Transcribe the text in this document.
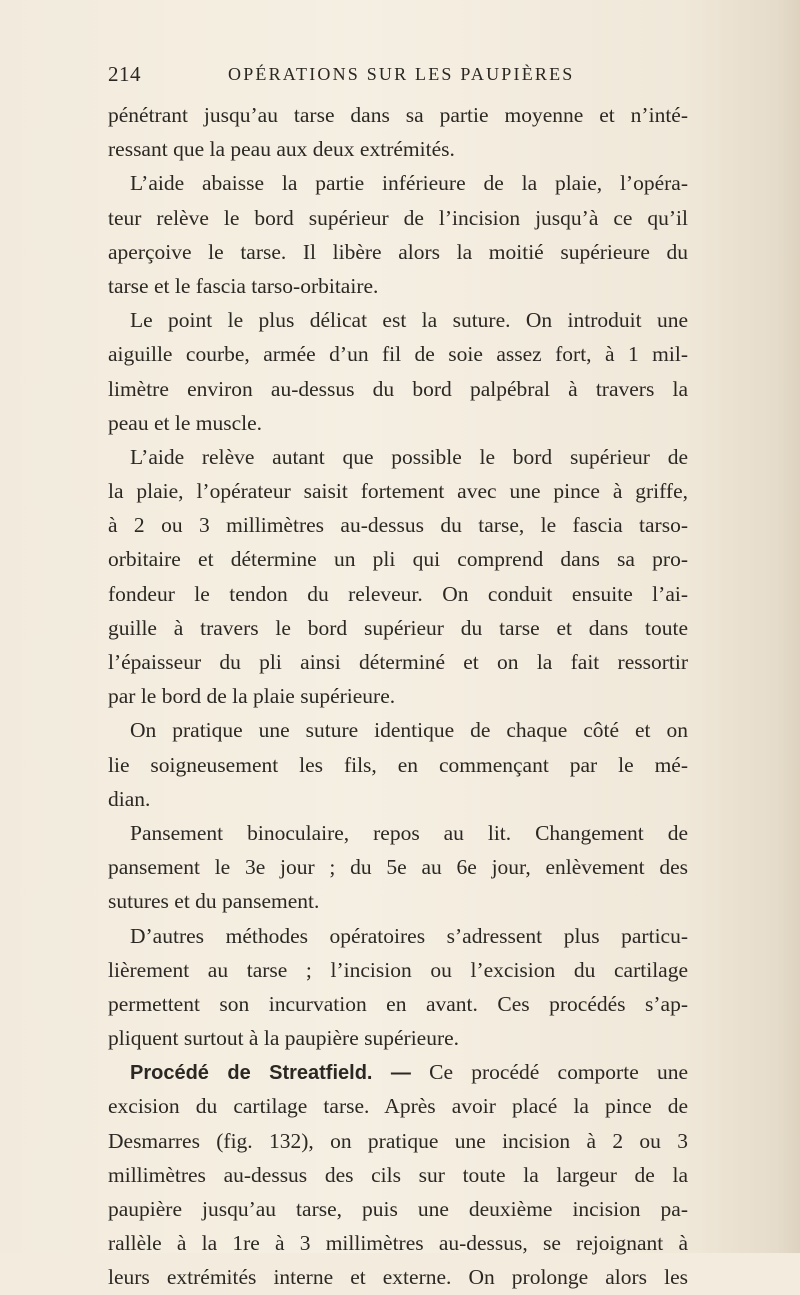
214	OPÉRATIONS SUR LES PAUPIÈRES
pénétrant jusqu’au tarse dans sa partie moyenne et n’inté-
ressant que la peau aux deux extrémités.
L’aide abaisse la partie inférieure de la plaie, l’opéra-
teur relève le bord supérieur de l’incision jusqu’à ce qu’il
aperçoive le tarse. Il libère alors la moitié supérieure du
tarse et le fascia tarso-orbitaire.
Le point le plus délicat est la suture. On introduit une
aiguille courbe, armée d’un fil de soie assez fort, à 1 mil-
limètre environ au-dessus du bord palpébral à travers la
peau et le muscle.
L’aide relève autant que possible le bord supérieur de
la plaie, l’opérateur saisit fortement avec une pince à griffe,
à 2 ou 3 millimètres au-dessus du tarse, le fascia tarso-
orbitaire et détermine un pli qui comprend dans sa pro-
fondeur le tendon du releveur. On conduit ensuite l’ai-
guille à travers le bord supérieur du tarse et dans toute
l’épaisseur du pli ainsi déterminé et on la fait ressortir
par le bord de la plaie supérieure.
On pratique une suture identique de chaque côté et on
lie soigneusement les fils, en commençant par le mé-
dian.
Pansement binoculaire, repos au lit. Changement de
pansement le 3e jour ; du 5e au 6e jour, enlèvement des
sutures et du pansement.
D’autres méthodes opératoires s’adressent plus particu-
lièrement au tarse ; l’incision ou l’excision du cartilage
permettent son incurvation en avant. Ces procédés s’ap-
pliquent surtout à la paupière supérieure.
Procédé de Streatfield. — Ce procédé comporte une
excision du cartilage tarse. Après avoir placé la pince de
Desmarres (fig. 132), on pratique une incision à 2 ou 3
millimètres au-dessus des cils sur toute la largeur de la
paupière jusqu’au tarse, puis une deuxième incision pa-
rallèle à la 1re à 3 millimètres au-dessus, se rejoignant à
leurs extrémités interne et externe. On prolonge alors les
